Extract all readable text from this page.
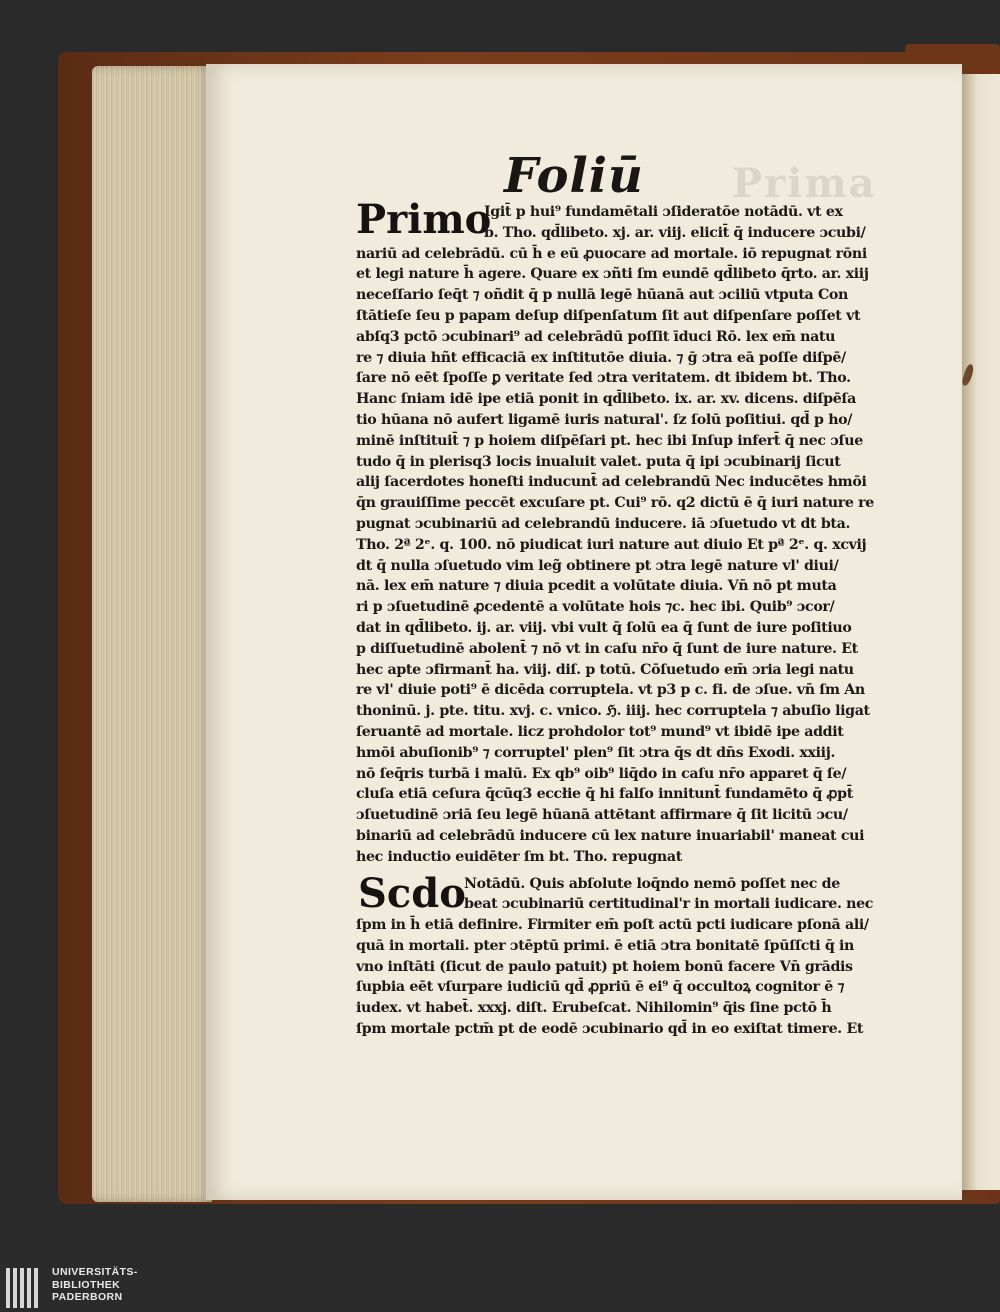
Prima
Foliū
Primo
Scdo
Igit̄ p hui⁹ fundamētali ɔſideratōe notādū. vt ex
b. Tho. qd̄libeto. xj. ar. viij. elicit̄ q̄ inducere ɔcubi/
nariū ad celebrādū. cū h̄ e eū ꝓuocare ad mortale. iō repugnat rōni
et legi nature h̄ agere. Quare ex ɔñti ſm eundē qd̄libeto q̄rto. ar. xiij
neceſſario ſeq̄t ⁊ oñdit q̄ p nullā legē hūanā aut ɔciliū vtputa Con
ſtātieſe ſeu p papam deſup diſpenſatum ſit aut diſpenſare poſſet vt
abſq3 pctō ɔcubinari⁹ ad celebrādū poſſit īduci Rō. lex em̄ natu
re ⁊ diuia hñt efficaciā ex inſtitutōe diuia. ⁊ ḡ ɔtra eā poſſe diſpē/
ſare nō eēt ſpoſſe ꝑ veritate ſed ɔtra veritatem. dt ibidem bt. Tho.
Hanc ſniam idē ipe etiā ponit in qd̄libeto. ix. ar. xv. dicens. diſpēſa
tio hūana nō aufert ligamē iuris natural'. ſz ſolū poſitiui. qd̄ p ho/
minē inſtituit̄ ⁊ p hoiem diſpēſari pt. hec ibi Inſup infert̄ q̄ nec ɔſue
tudo q̄ in plerisq3 locis inualuit valet. puta q̄ ipi ɔcubinarij ſicut
alij ſacerdotes honeſti inducunt̄ ad celebrandū Nec inducētes hmōi
q̄n grauiſſime peccēt excuſare pt. Cui⁹ rō. q2 dictū ē q̄ iuri nature re
pugnat ɔcubinariū ad celebrandū inducere. iā ɔſuetudo vt dt bta.
Tho. 2ª 2ᵉ. q. 100. nō piudicat iuri nature aut diuio Et pª 2ᵉ. q. xcvij
dt q̄ nulla ɔſuetudo vim leg̃ obtinere pt ɔtra legē nature vl' diui/
nā. lex em̄ nature ⁊ diuia pcedit a volūtate diuia. Vn̄ nō pt muta
ri p ɔſuetudinē ꝓcedentē a volūtate hois ⁊c. hec ibi. Quib⁹ ɔcor/
dat in qd̄libeto. ij. ar. viij. vbi vult q̄ ſolū ea q̄ ſunt de iure poſitiuo
p diſſuetudinē abolent̄ ⁊ nō vt in caſu nr̄o q̄ ſunt de iure nature. Et
hec apte ɔfirmant̄ ha. viij. diſ. p totū. Cōſuetudo em̄ ɔria legi natu
re vl' diuie poti⁹ ē dicēda corruptela. vt p3 p c. fi. de ɔſue. vn̄ ſm An
thoninū. j. pte. titu. xvj. c. vnico. ℌ. iiij. hec corruptela ⁊ abuſio ligat
ſeruantē ad mortale. licz prohdolor tot⁹ mund⁹ vt ibidē ipe addit
hmōi abuſionib⁹ ⁊ corruptel' plen⁹ ſit ɔtra q̄s dt dn̄s Exodi. xxiij.
nō ſeq̄ris turbā i malū. Ex qb⁹ oib⁹ liq̄do in caſu nr̄o apparet q̄ ſe/
cluſa etiā ceſura q̄cūq3 eccłie q̄ hi falſo innitunt̄ fundamēto q̄ ꝓpt̄
ɔſuetudinē ɔriā ſeu legē hūanā attētant affirmare q̄ ſit licitū ɔcu/
binariū ad celebrādū inducere cū lex nature inuariabil' maneat cui
hec inductio euidēter ſm bt. Tho. repugnat
Notādū. Quis abſolute loq̄ndo nemō poſſet nec de
beat ɔcubinariū certitudinal'r in mortali iudicare. nec
ſpm in h̄ etiā definire. Firmiter em̄ poſt actū pcti iudicare pſonā ali/
quā in mortali. pter ɔtēptū primi. ē etiā ɔtra bonitatē ſpūſſcti q̄ in
vno inſtāti (ſicut de paulo patuit) pt hoiem bonū facere Vn̄ grādis
ſupbia eēt vſurpare iudiciū qd̄ ꝓpriū ē ei⁹ q̄ occultoꝝ cognitor ē ⁊
iudex. vt habet̄. xxxj. diſt. Erubeſcat. Nihilomin⁹ q̄is ſine pctō h̄
ſpm mortale pctm̄ pt de eodē ɔcubinario qd̄ in eo exiſtat timere. Et
UNIVERSITÄTS-
BIBLIOTHEK
PADERBORN
